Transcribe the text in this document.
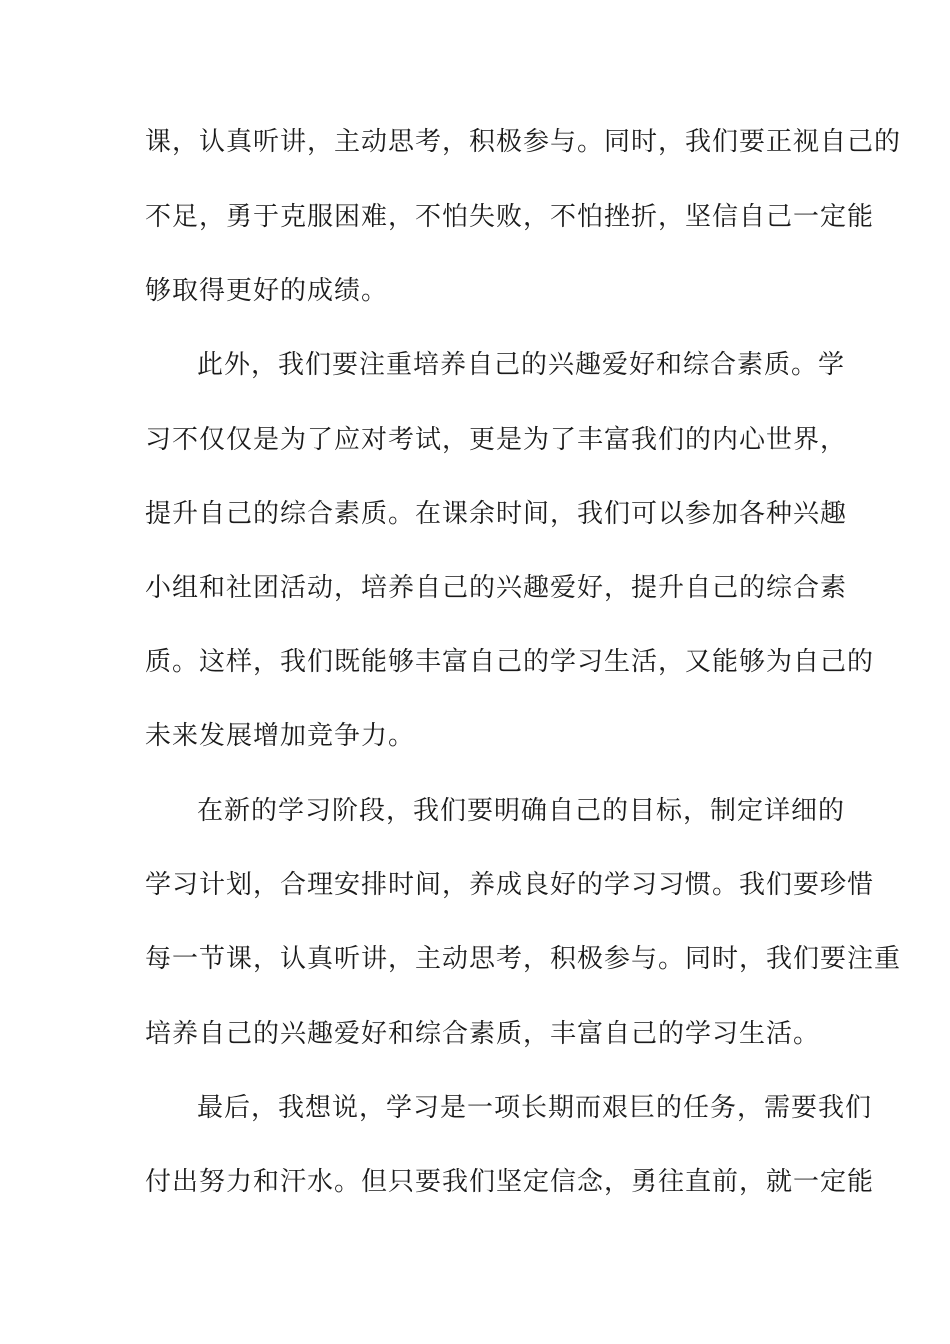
课，认真听讲，主动思考，积极参与。同时，我们要正视自己的
不足，勇于克服困难，不怕失败，不怕挫折，坚信自己一定能
够取得更好的成绩。
此外，我们要注重培养自己的兴趣爱好和综合素质。学
习不仅仅是为了应对考试，更是为了丰富我们的内心世界，
提升自己的综合素质。在课余时间，我们可以参加各种兴趣
小组和社团活动，培养自己的兴趣爱好，提升自己的综合素
质。这样，我们既能够丰富自己的学习生活，又能够为自己的
未来发展增加竞争力。
在新的学习阶段，我们要明确自己的目标，制定详细的
学习计划，合理安排时间，养成良好的学习习惯。我们要珍惜
每一节课，认真听讲，主动思考，积极参与。同时，我们要注重
培养自己的兴趣爱好和综合素质，丰富自己的学习生活。
最后，我想说，学习是一项长期而艰巨的任务，需要我们
付出努力和汗水。但只要我们坚定信念，勇往直前，就一定能
